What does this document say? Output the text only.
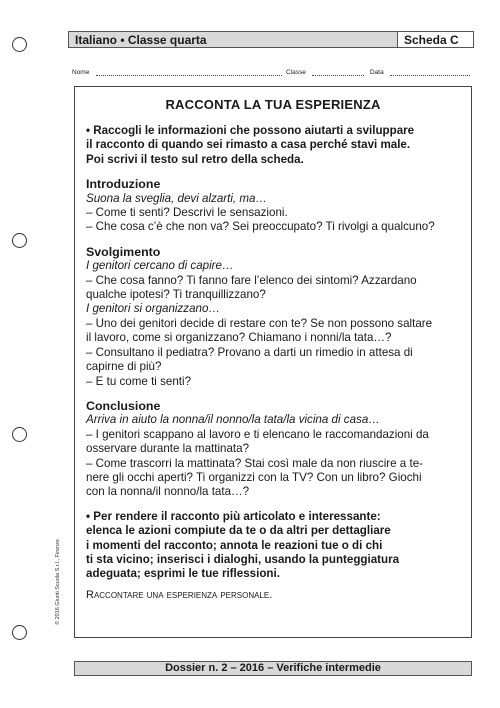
Italiano • Classe quarta	Scheda C
Nome	Classe	Data
RACCONTA LA TUA ESPERIENZA

• Raccogli le informazioni che possono aiutarti a sviluppare

il racconto di quando sei rimasto a casa perché stavi male.

Poi scrivi il testo sul retro della scheda.

Introduzione

Suona la sveglia, devi alzarti, ma…

– Come ti senti? Descrivi le sensazioni.

– Che cosa c’è che non va? Sei preoccupato? Ti rivolgi a qualcuno?

Svolgimento

I genitori cercano di capire…

– Che cosa fanno? Ti fanno fare l’elenco dei sintomi? Azzardano

qualche ipotesi? Ti tranquillizzano?

I genitori si organizzano…

– Uno dei genitori decide di restare con te? Se non possono saltare

il lavoro, come si organizzano? Chiamano i nonni/la tata…?

– Consultano il pediatra? Provano a darti un rimedio in attesa di

capirne di più?

– E tu come ti senti?

Conclusione

Arriva in aiuto la nonna/il nonno/la tata/la vicina di casa…

– I genitori scappano al lavoro e ti elencano le raccomandazioni da

osservare durante la mattinata?

– Come trascorri la mattinata? Stai così male da non riuscire a te-

nere gli occhi aperti? Ti organizzi con la TV? Con un libro? Giochi

con la nonna/il nonno/la tata…?

• Per rendere il racconto più articolato e interessante:

elenca le azioni compiute da te o da altri per dettagliare

i momenti del racconto; annota le reazioni tue o di chi

ti sta vicino; inserisci i dialoghi, usando la punteggiatura

adeguata; esprimi le tue riflessioni.

Raccontare una esperienza personale.

© 2016 Giunti Scuola S.r.l., Firenze
Dossier n. 2 – 2016 – Verifiche intermedie
